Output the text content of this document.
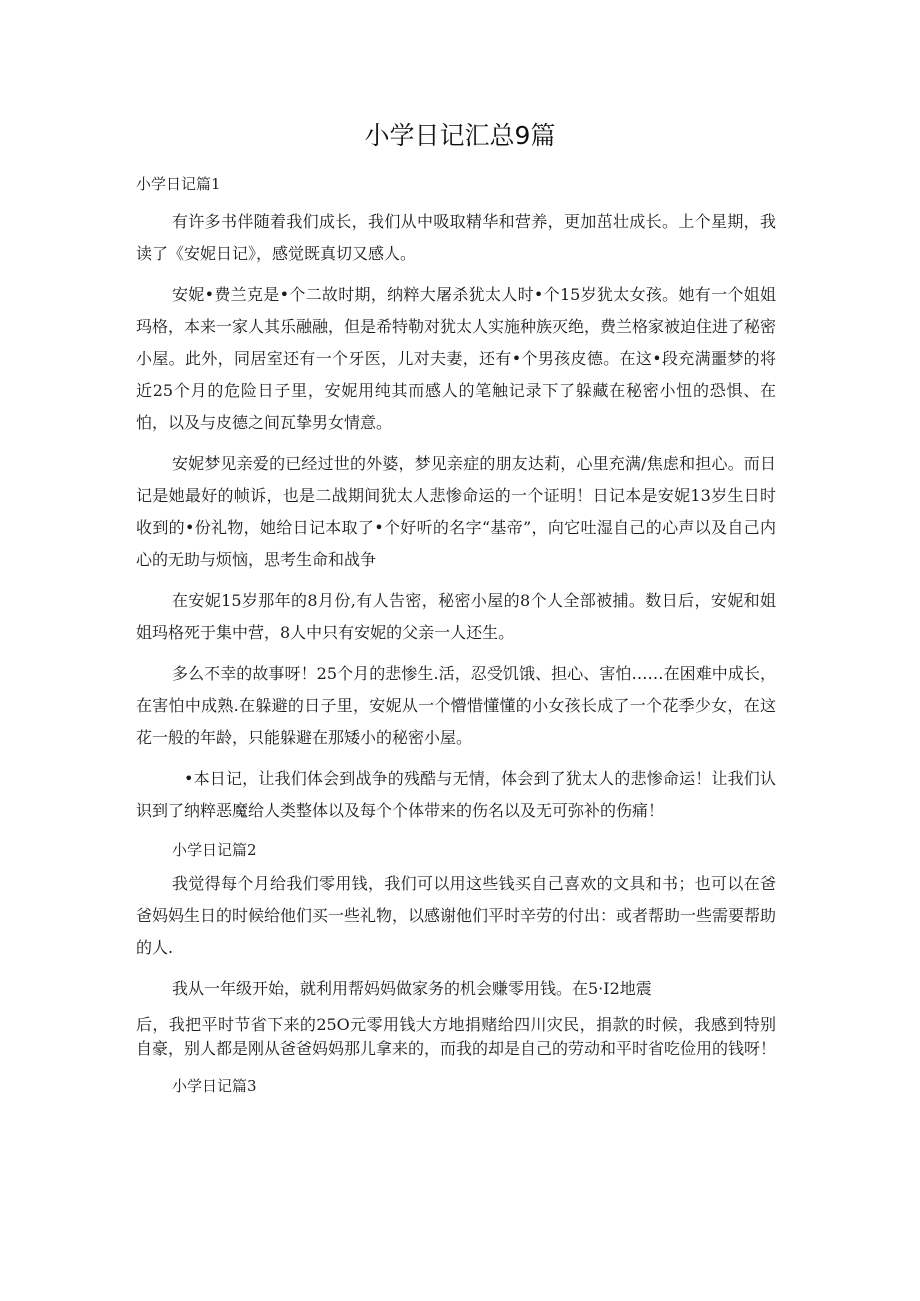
小学日记汇总9篇

小学日记篇1

有许多书伴随着我们成长，我们从中吸取精华和营养，更加茁壮成长。上个星期，我读了《安妮日记》，感觉既真切又感人。

安妮•费兰克是•个二故时期，纳粹大屠杀犹太人时•个15岁犹太女孩。她有一个姐姐玛格，本来一家人其乐融融，但是希特勒对犹太人实施种族灭绝，费兰格家被迫住进了秘密小屋。此外，同居室还有一个牙医，儿对夫妻，还有•个男孩皮德。在这•段充满噩梦的将近25个月的危险日子里，安妮用纯其而感人的笔触记录下了躲藏在秘密小忸的恐惧、在怕，以及与皮德之间瓦挚男女情意。

安妮梦见亲爱的已经过世的外婆，梦见亲症的朋友达莉，心里充满/焦虑和担心。而日记是她最好的帧诉，也是二战期间犹太人悲惨命运的一个证明！日记本是安妮13岁生日时收到的•份礼物，她给日记本取了•个好听的名字“基帝”，向它吐湿自己的心声以及自己内心的无助与烦恼，思考生命和战争

在安妮15岁那年的8月份,有人告密，秘密小屋的8个人全部被捕。数日后，安妮和姐姐玛格死于集中营，8人中只有安妮的父亲一人还生。

多么不幸的故事呀！25个月的悲惨生.活，忍受饥饿、担心、害怕……在困难中成长，在害怕中成熟.在躲避的日子里，安妮从一个懵惜懂懂的小女孩长成了一个花季少女，在这花一般的年龄，只能躲避在那矮小的秘密小屋。

•本日记，让我们体会到战争的残酷与无情，体会到了犹太人的悲惨命运！让我们认识到了纳粹恶魔给人类整体以及每个个体带来的伤名以及无可弥补的伤痛！

小学日记篇2

我觉得每个月给我们零用钱，我们可以用这些钱买自己喜欢的文具和书；也可以在爸爸妈妈生日的时候给他们买一些礼物，以感谢他们平时辛劳的付出：或者帮助一些需要帮助的人.

我从一年级开始，就利用帮妈妈做家务的机会赚零用钱。在5·I2地震

后，我把平时节省下来的25O元零用钱大方地捐赌给四川灾民，捐款的时候，我感到特别自豪，别人都是刚从爸爸妈妈那儿拿来的，而我的却是自己的劳动和平时省吃俭用的钱呀！

小学日记篇3
